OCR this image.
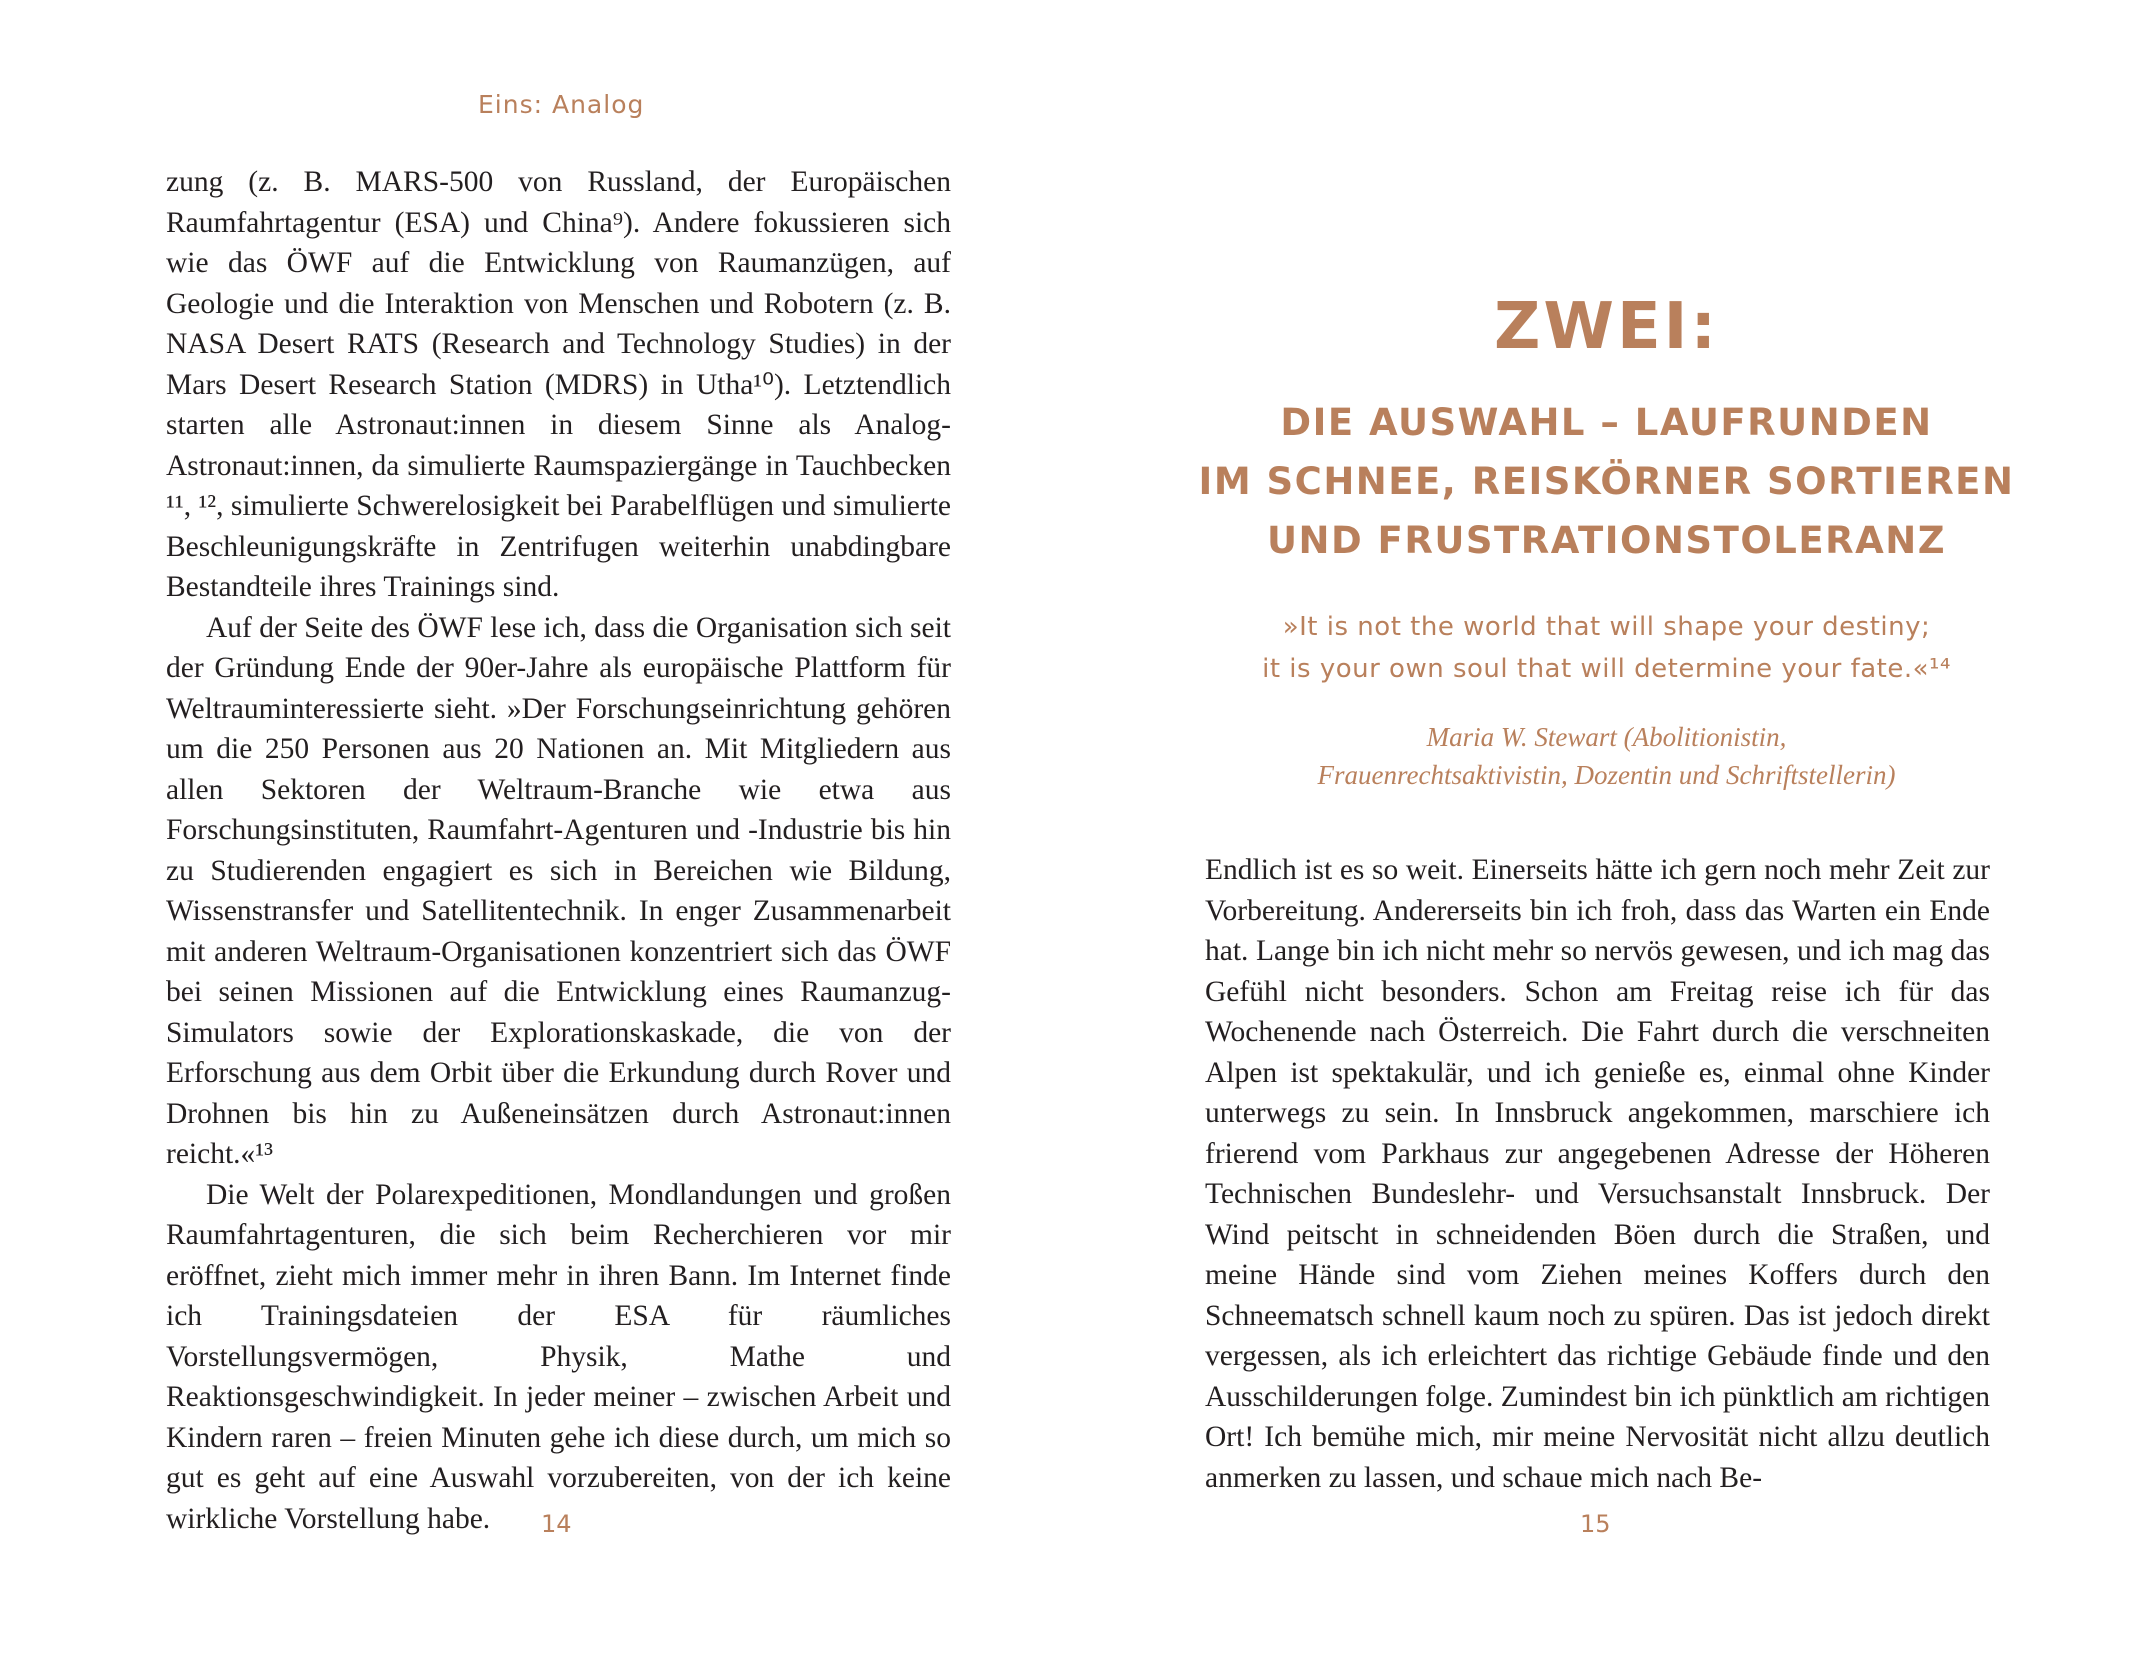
Eins: Analog

zung (z. B. MARS-500 von Russland, der Europäischen Raumfahrtagentur (ESA) und China⁹). Andere fokussieren sich wie das ÖWF auf die Entwicklung von Raumanzügen, auf Geologie und die Interaktion von Menschen und Robotern (z. B. NASA Desert RATS (Research and Technology Studies) in der Mars Desert Research Station (MDRS) in Utha¹⁰). Letztendlich starten alle Astronaut:innen in diesem Sinne als Analog-Astronaut:innen, da simulierte Raumspaziergänge in Tauchbecken ¹¹, ¹², simulierte Schwerelosigkeit bei Parabelflügen und simulierte Beschleunigungskräfte in Zentrifugen weiterhin unabdingbare Bestandteile ihres Trainings sind.

Auf der Seite des ÖWF lese ich, dass die Organisation sich seit der Gründung Ende der 90er-Jahre als europäische Plattform für Weltrauminteressierte sieht. »Der Forschungseinrichtung gehören um die 250 Personen aus 20 Nationen an. Mit Mitgliedern aus allen Sektoren der Weltraum-Branche wie etwa aus Forschungsinstituten, Raumfahrt-Agenturen und -Industrie bis hin zu Studierenden engagiert es sich in Bereichen wie Bildung, Wissenstransfer und Satellitentechnik. In enger Zusammenarbeit mit anderen Weltraum-Organisationen konzentriert sich das ÖWF bei seinen Missionen auf die Entwicklung eines Raumanzug-Simulators sowie der Explorationskaskade, die von der Erforschung aus dem Orbit über die Erkundung durch Rover und Drohnen bis hin zu Außeneinsätzen durch Astronaut:innen reicht.«¹³

Die Welt der Polarexpeditionen, Mondlandungen und großen Raumfahrtagenturen, die sich beim Recherchieren vor mir eröffnet, zieht mich immer mehr in ihren Bann. Im Internet finde ich Trainingsdateien der ESA für räumliches Vorstellungsvermögen, Physik, Mathe und Reaktionsgeschwindigkeit. In jeder meiner – zwischen Arbeit und Kindern raren – freien Minuten gehe ich diese durch, um mich so gut es geht auf eine Auswahl vorzubereiten, von der ich keine wirkliche Vorstellung habe.	14
ZWEI:
DIE AUSWAHL – LAUFRUNDEN
IM SCHNEE, REISKÖRNER SORTIEREN
UND FRUSTRATIONSTOLERANZ
»It is not the world that will shape your destiny;
it is your own soul that will determine your fate.«¹⁴
Maria W. Stewart (Abolitionistin,
Frauenrechtsaktivistin, Dozentin und Schriftstellerin)

Endlich ist es so weit. Einerseits hätte ich gern noch mehr Zeit zur Vorbereitung. Andererseits bin ich froh, dass das Warten ein Ende hat. Lange bin ich nicht mehr so nervös gewesen, und ich mag das Gefühl nicht besonders. Schon am Freitag reise ich für das Wochenende nach Österreich. Die Fahrt durch die verschneiten Alpen ist spektakulär, und ich genieße es, einmal ohne Kinder unterwegs zu sein. In Innsbruck angekommen, marschiere ich frierend vom Parkhaus zur angegebenen Adresse der Höheren Technischen Bundeslehr- und Versuchsanstalt Innsbruck. Der Wind peitscht in schneidenden Böen durch die Straßen, und meine Hände sind vom Ziehen meines Koffers durch den Schneematsch schnell kaum noch zu spüren. Das ist jedoch direkt vergessen, als ich erleichtert das richtige Gebäude finde und den Ausschilderungen folge. Zumindest bin ich pünktlich am richtigen Ort! Ich bemühe mich, mir meine Nervosität nicht allzu deutlich anmerken zu lassen, und schaue mich nach Be-

15
